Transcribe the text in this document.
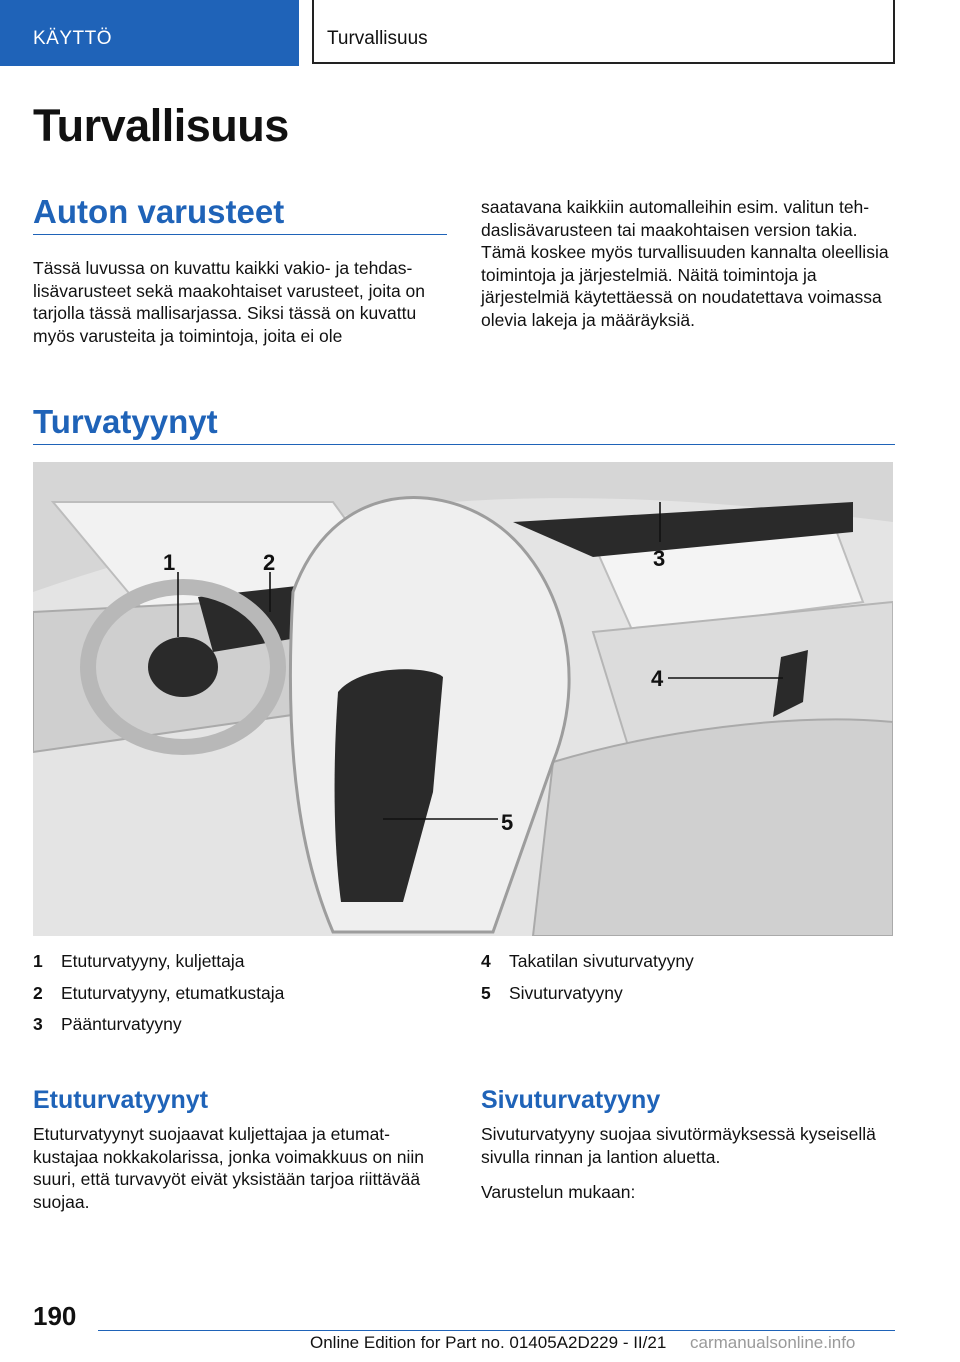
KÄYTTÖ	Turvallisuus
Turvallisuus
Auton varusteet

Tässä luvussa on kuvattu kaikki vakio- ja tehdaslisävarusteet sekä maakohtaiset varusteet, joita on tarjolla tässä mallisarjassa. Siksi tässä on kuvattu myös varusteita ja toimintoja, joita ei ole

saatavana kaikkiin automalleihin esim. valitun tehdaslisävarusteen tai maakohtaisen version takia. Tämä koskee myös turvallisuuden kannalta oleellisia toimintoja ja järjestelmiä. Näitä toimintoja ja järjestelmiä käytettäessä on noudatettava voimassa olevia lakeja ja määräyksiä.

Turvatyynyt
1	2	3
4
5
1	Etuturvatyyny, kuljettaja
2	Etuturvatyyny, etumatkustaja
3	Päänturvatyyny
4	Takatilan sivuturvatyyny
5	Sivuturvatyyny
Etuturvatyynyt

Etuturvatyynyt suojaavat kuljettajaa ja etumatkustajaa nokkakolarissa, jonka voimakkuus on niin suuri, että turvavyöt eivät yksistään tarjoa riittävää suojaa.

Sivuturvatyyny

Sivuturvatyyny suojaa sivutörmäyksessä kyseisellä sivulla rinnan ja lantion aluetta.

Varustelun mukaan:

190
Online Edition for Part no. 01405A2D229 - II/21 carmanualsonline.info
